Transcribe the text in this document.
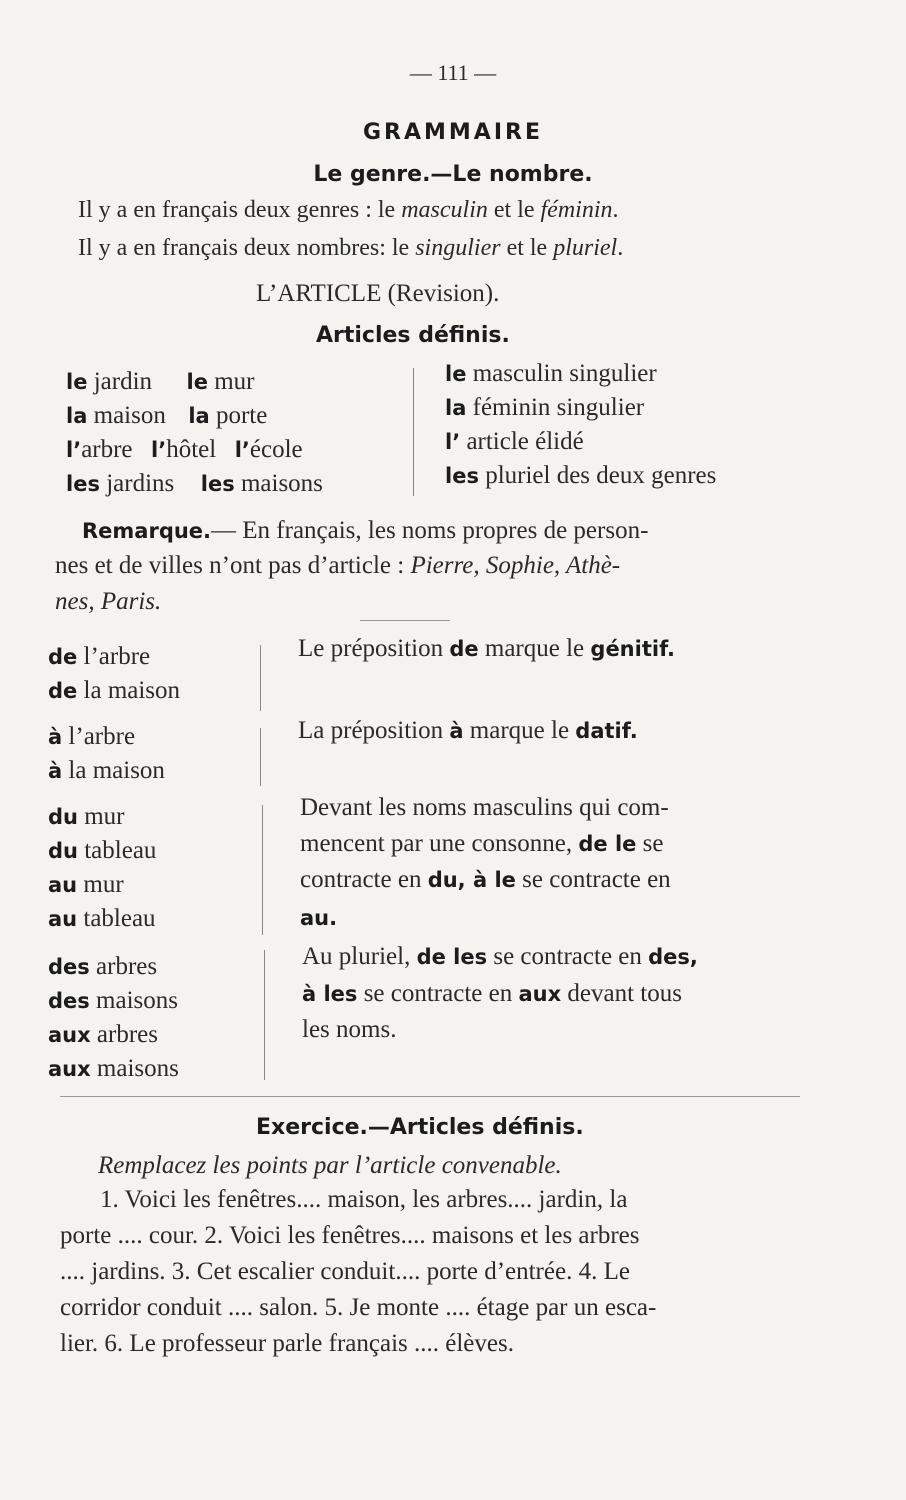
— 111 —
GRAMMAIRE
Le genre.—Le nombre.
Il y a en français deux genres : le masculin et le féminin.
Il y a en français deux nombres: le singulier et le pluriel.
L’ARTICLE (Revision).
Articles définis.
le jardin le mur
la maison la porte
l’arbre l’hôtel l’école
les jardins les maisons
le masculin singulier
la féminin singulier
l’ article élidé
les pluriel des deux genres
Remarque.— En français, les noms propres de person-
nes et de villes n’ont pas d’article : Pierre, Sophie, Athè-
nes, Paris.
de l’arbre
de la maison
Le préposition de marque le génitif.
à l’arbre
à la maison
La préposition à marque le datif.
du mur
du tableau
au mur
au tableau
Devant les noms masculins qui com-
mencent par une consonne, de le se
contracte en du, à le se contracte en
au.
des arbres
des maisons
aux arbres
aux maisons
Au pluriel, de les se contracte en des,
à les se contracte en aux devant tous
les noms.
Exercice.—Articles définis.
Remplacez les points par l’article convenable.
1. Voici les fenêtres.... maison, les arbres.... jardin, la
porte .... cour. 2. Voici les fenêtres.... maisons et les arbres
.... jardins. 3. Cet escalier conduit.... porte d’entrée. 4. Le
corridor conduit .... salon. 5. Je monte .... étage par un esca-
lier. 6. Le professeur parle français .... élèves.
